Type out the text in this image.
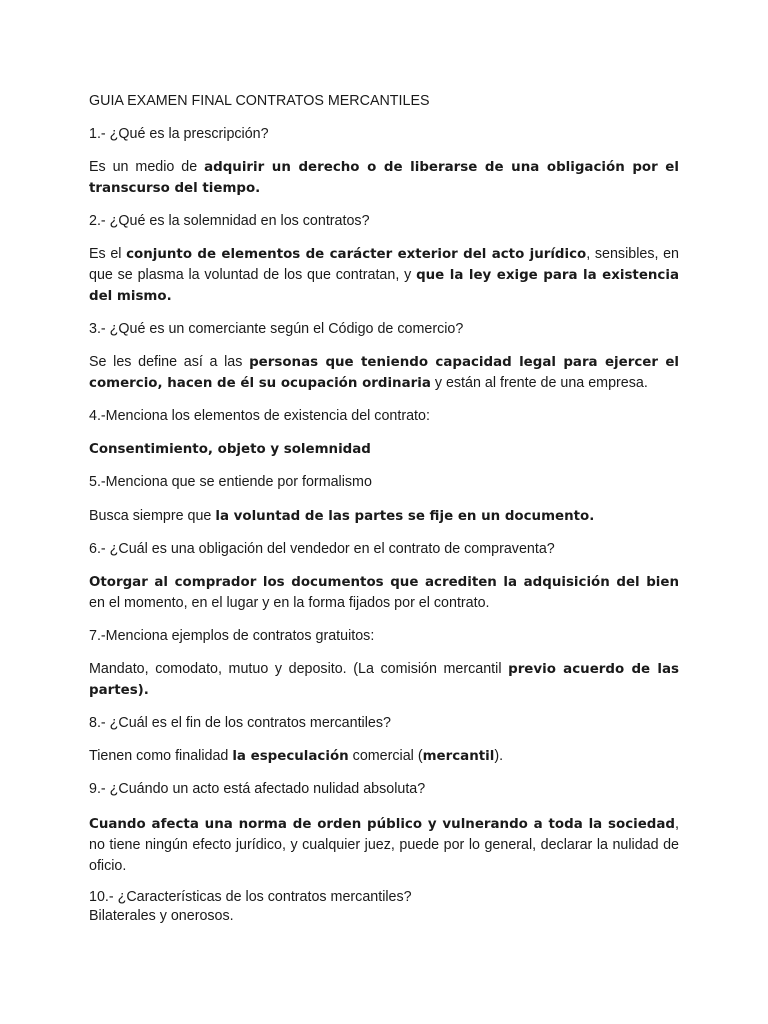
GUIA EXAMEN FINAL CONTRATOS MERCANTILES

1.- ¿Qué es la prescripción?

Es un medio de adquirir un derecho o de liberarse de una obligación por el transcurso del tiempo.

2.- ¿Qué es la solemnidad en los contratos?

Es el conjunto de elementos de carácter exterior del acto jurídico, sensibles, en que se plasma la voluntad de los que contratan, y que la ley exige para la existencia del mismo.

3.- ¿Qué es un comerciante según el Código de comercio?

Se les define así a las personas que teniendo capacidad legal para ejercer el comercio, hacen de él su ocupación ordinaria y están al frente de una empresa.

4.-Menciona los elementos de existencia del contrato:

Consentimiento, objeto y solemnidad

5.-Menciona que se entiende por formalismo

Busca siempre que la voluntad de las partes se fije en un documento.

6.- ¿Cuál es una obligación del vendedor en el contrato de compraventa?

Otorgar al comprador los documentos que acrediten la adquisición del bien en el momento, en el lugar y en la forma fijados por el contrato.

7.-Menciona ejemplos de contratos gratuitos:

Mandato, comodato, mutuo y deposito. (La comisión mercantil previo acuerdo de las partes).

8.- ¿Cuál es el fin de los contratos mercantiles?

Tienen como finalidad la especulación comercial (mercantil).

9.- ¿Cuándo un acto está afectado nulidad absoluta?

Cuando afecta una norma de orden público y vulnerando a toda la sociedad, no tiene ningún efecto jurídico, y cualquier juez, puede por lo general, declarar la nulidad de oficio.

10.- ¿Características de los contratos mercantiles?

Bilaterales y onerosos.
